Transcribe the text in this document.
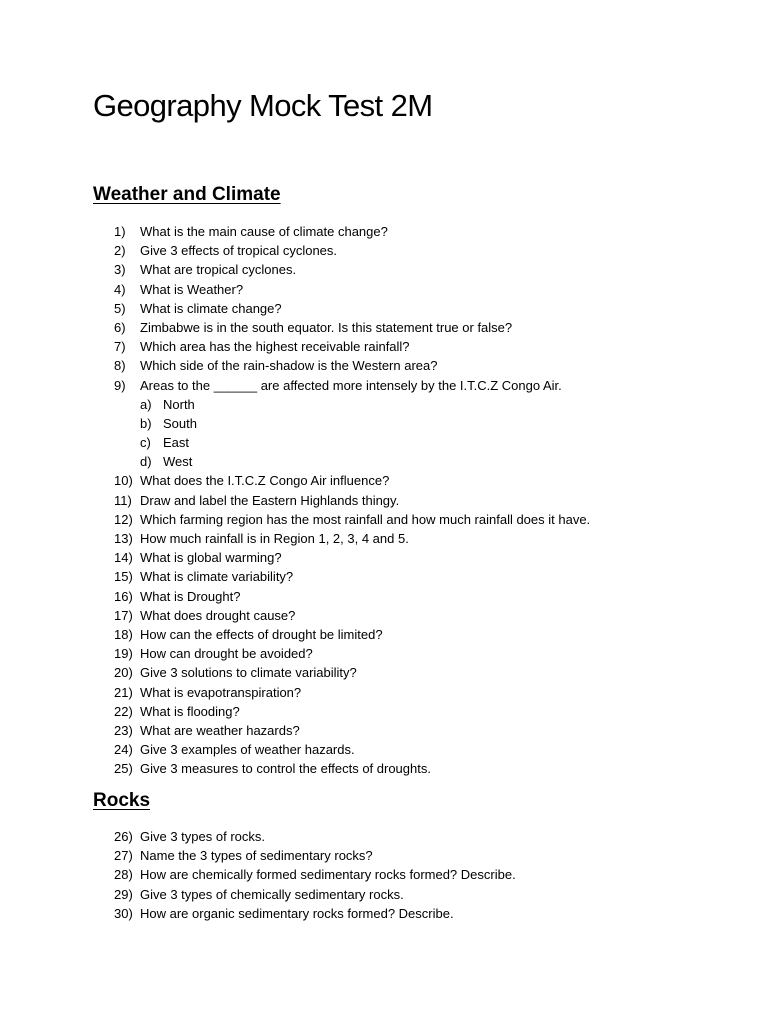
Geography Mock Test 2M
Weather and Climate
1)	What is the main cause of climate change?
2)	Give 3 effects of tropical cyclones.
3)	What are tropical cyclones.
4)	What is Weather?
5)	What is climate change?
6)	Zimbabwe is in the south equator. Is this statement true or false?
7)	Which area has the highest receivable rainfall?
8)	Which side of the rain-shadow is the Western area?
9)	Areas to the ______ are affected more intensely by the I.T.C.Z Congo Air.
a) North
b) South
c) East
d) West
10) What does the I.T.C.Z Congo Air influence?
11) Draw and label the Eastern Highlands thingy.
12) Which farming region has the most rainfall and how much rainfall does it have.
13) How much rainfall is in Region 1, 2, 3, 4 and 5.
14) What is global warming?
15) What is climate variability?
16) What is Drought?
17) What does drought cause?
18) How can the effects of drought be limited?
19) How can drought be avoided?
20) Give 3 solutions to climate variability?
21) What is evapotranspiration?
22) What is flooding?
23) What are weather hazards?
24) Give 3 examples of weather hazards.
25) Give 3 measures to control the effects of droughts.
Rocks
26) Give 3 types of rocks.
27) Name the 3 types of sedimentary rocks?
28) How are chemically formed sedimentary rocks formed? Describe.
29) Give 3 types of chemically sedimentary rocks.
30) How are organic sedimentary rocks formed? Describe.
